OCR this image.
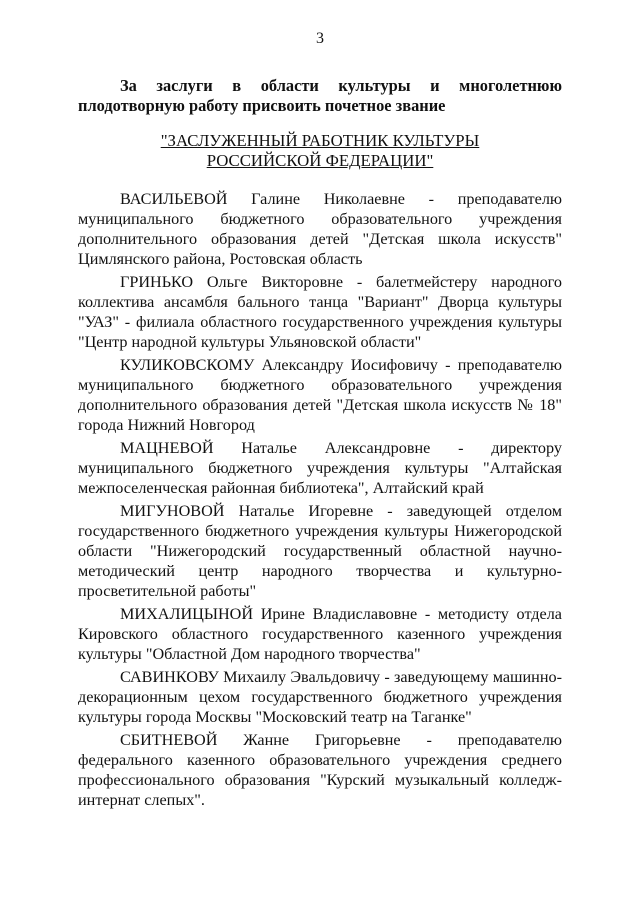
3
За заслуги в области культуры и многолетнюю
плодотворную работу присвоить почетное звание
"ЗАСЛУЖЕННЫЙ РАБОТНИК КУЛЬТУРЫ
РОССИЙСКОЙ ФЕДЕРАЦИИ"

ВАСИЛЬЕВОЙ Галине Николаевне - преподавателю муниципального бюджетного образовательного учреждения дополнительного образования детей "Детская школа искусств" Цимлянского района, Ростовская область

ГРИНЬКО Ольге Викторовне - балетмейстеру народного коллектива ансамбля бального танца "Вариант" Дворца культуры "УАЗ" - филиала областного государственного учреждения культуры "Центр народной культуры Ульяновской области"

КУЛИКОВСКОМУ Александру Иосифовичу - преподавателю муниципального бюджетного образовательного учреждения дополнительного образования детей "Детская школа искусств № 18" города Нижний Новгород

МАЦНЕВОЙ Наталье Александровне - директору муниципального бюджетного учреждения культуры "Алтайская межпоселенческая районная библиотека", Алтайский край

МИГУНОВОЙ Наталье Игоревне - заведующей отделом государственного бюджетного учреждения культуры Нижегородской области "Нижегородский государственный областной научно-методический центр народного творчества и культурно-просветительной работы"

МИХАЛИЦЫНОЙ Ирине Владиславовне - методисту отдела Кировского областного государственного казенного учреждения культуры "Областной Дом народного творчества"

САВИНКОВУ Михаилу Эвальдовичу - заведующему машинно-декорационным цехом государственного бюджетного учреждения культуры города Москвы "Московский театр на Таганке"

СБИТНЕВОЙ Жанне Григорьевне - преподавателю федерального казенного образовательного учреждения среднего профессионального образования "Курский музыкальный колледж-интернат слепых".
